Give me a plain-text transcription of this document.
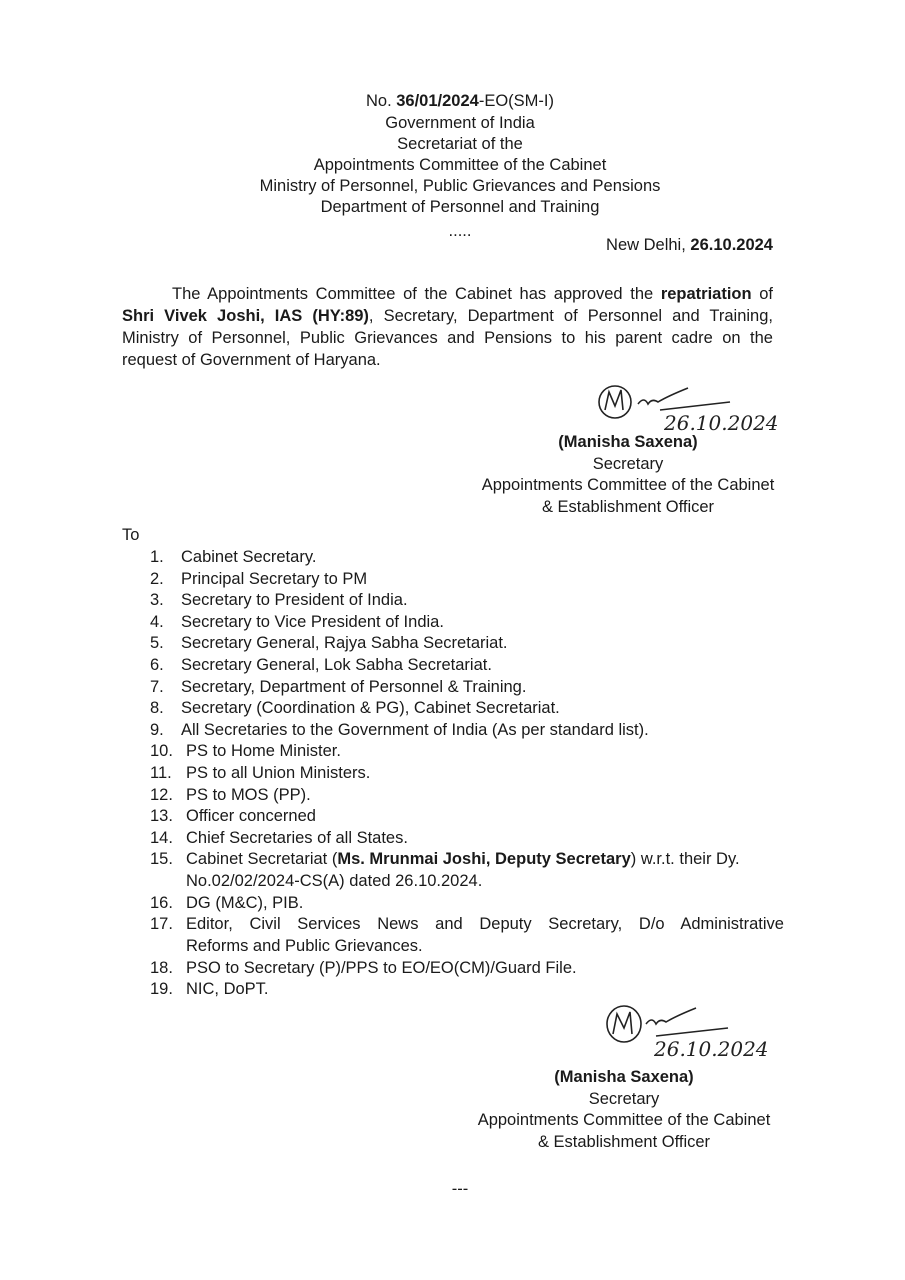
No. 36/01/2024-EO(SM-I)
Government of India
Secretariat of the
Appointments Committee of the Cabinet
Ministry of Personnel, Public Grievances and Pensions
Department of Personnel and Training
.....
New Delhi, 26.10.2024
The Appointments Committee of the Cabinet has approved the repatriation of Shri Vivek Joshi, IAS (HY:89), Secretary, Department of Personnel and Training, Ministry of Personnel, Public Grievances and Pensions to his parent cadre on the request of Government of Haryana.
26.10.2024
(Manisha Saxena)
Secretary
Appointments Committee of the Cabinet
& Establishment Officer
To
1. Cabinet Secretary.
2. Principal Secretary to PM
3. Secretary to President of India.
4. Secretary to Vice President of India.
5. Secretary General, Rajya Sabha Secretariat.
6. Secretary General, Lok Sabha Secretariat.
7. Secretary, Department of Personnel & Training.
8. Secretary (Coordination & PG), Cabinet Secretariat.
9. All Secretaries to the Government of India (As per standard list).
10. PS to Home Minister.
11. PS to all Union Ministers.
12. PS to MOS (PP).
13. Officer concerned
14. Chief Secretaries of all States.
15. Cabinet Secretariat (Ms. Mrunmai Joshi, Deputy Secretary) w.r.t. their Dy.
No.02/02/2024-CS(A) dated 26.10.2024.
16. DG (M&C), PIB.
17. Editor, Civil Services News and Deputy Secretary, D/o Administrative
Reforms and Public Grievances.
18. PSO to Secretary (P)/PPS to EO/EO(CM)/Guard File.
19. NIC, DoPT.
26.10.2024
(Manisha Saxena)
Secretary
Appointments Committee of the Cabinet
& Establishment Officer
---
